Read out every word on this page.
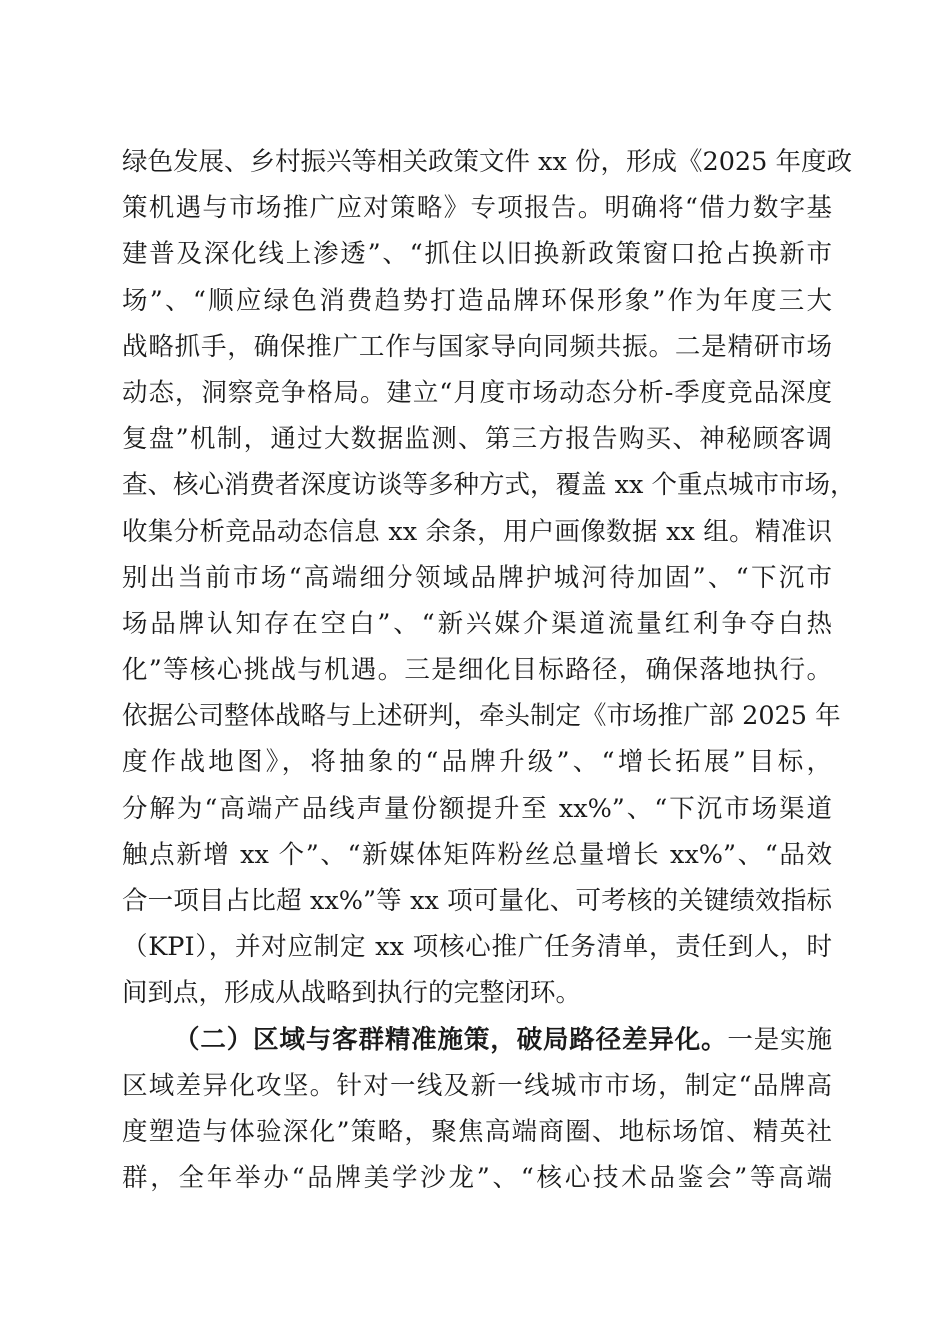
绿色发展、乡村振兴等相关政策文件 xx 份，形成《2025 年度政
策机遇与市场推广应对策略》专项报告。明确将“借力数字基
建普及深化线上渗透”、“抓住以旧换新政策窗口抢占换新市
场”、“顺应绿色消费趋势打造品牌环保形象”作为年度三大
战略抓手，确保推广工作与国家导向同频共振。二是精研市场
动态，洞察竞争格局。建立“月度市场动态分析-季度竞品深度
复盘”机制，通过大数据监测、第三方报告购买、神秘顾客调
查、核心消费者深度访谈等多种方式，覆盖 xx 个重点城市市场，
收集分析竞品动态信息 xx 余条，用户画像数据 xx 组。精准识
别出当前市场“高端细分领域品牌护城河待加固”、“下沉市
场品牌认知存在空白”、“新兴媒介渠道流量红利争夺白热
化”等核心挑战与机遇。三是细化目标路径，确保落地执行。
依据公司整体战略与上述研判，牵头制定《市场推广部 2025 年
度作战地图》，将抽象的“品牌升级”、“增长拓展”目标，
分解为“高端产品线声量份额提升至 xx%”、“下沉市场渠道
触点新增 xx 个”、“新媒体矩阵粉丝总量增长 xx%”、“品效
合一项目占比超 xx%”等 xx 项可量化、可考核的关键绩效指标
（KPI），并对应制定 xx 项核心推广任务清单，责任到人，时
间到点，形成从战略到执行的完整闭环。
（二）区域与客群精准施策，破局路径差异化。一是实施
区域差异化攻坚。针对一线及新一线城市市场，制定“品牌高
度塑造与体验深化”策略，聚焦高端商圈、地标场馆、精英社
群，全年举办“品牌美学沙龙”、“核心技术品鉴会”等高端
